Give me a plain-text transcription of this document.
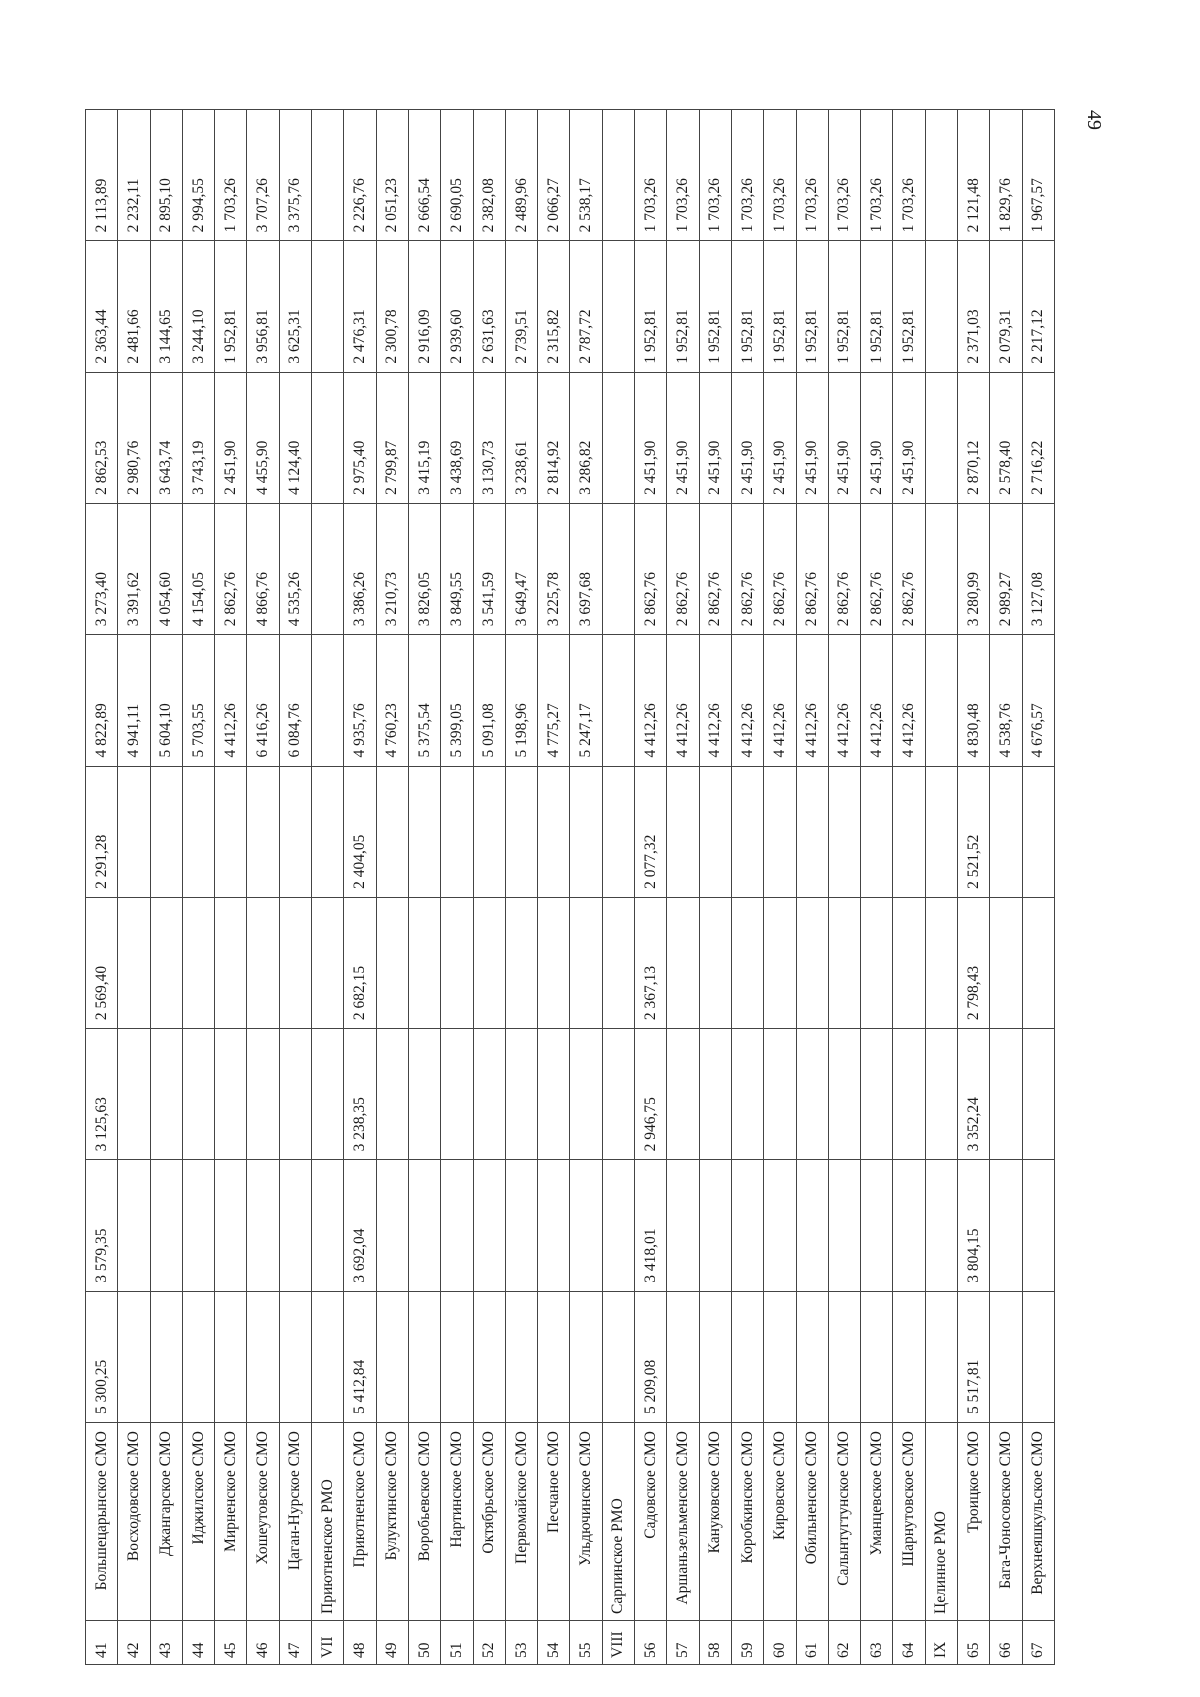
49
41	Большецарынское СМО	5 300,25	3 579,35	3 125,63	2 569,40	2 291,28	4 822,89	3 273,40	2 862,53	2 363,44	2 113,89
42	Восходовское СМО						4 941,11	3 391,62	2 980,76	2 481,66	2 232,11
43	Джангарское СМО						5 604,10	4 054,60	3 643,74	3 144,65	2 895,10
44	Иджилское СМО						5 703,55	4 154,05	3 743,19	3 244,10	2 994,55
45	Мирненское СМО						4 412,26	2 862,76	2 451,90	1 952,81	1 703,26
46	Хошеутовское СМО						6 416,26	4 866,76	4 455,90	3 956,81	3 707,26
47	Цаган-Нурское СМО						6 084,76	4 535,26	4 124,40	3 625,31	3 375,76
VII	Приютненское РМО										
48	Приютненское СМО	5 412,84	3 692,04	3 238,35	2 682,15	2 404,05	4 935,76	3 386,26	2 975,40	2 476,31	2 226,76
49	Булуктинское СМО						4 760,23	3 210,73	2 799,87	2 300,78	2 051,23
50	Воробьевское СМО						5 375,54	3 826,05	3 415,19	2 916,09	2 666,54
51	Нартинское СМО						5 399,05	3 849,55	3 438,69	2 939,60	2 690,05
52	Октябрьское СМО						5 091,08	3 541,59	3 130,73	2 631,63	2 382,08
53	Первомайское СМО						5 198,96	3 649,47	3 238,61	2 739,51	2 489,96
54	Песчаное СМО						4 775,27	3 225,78	2 814,92	2 315,82	2 066,27
55	Ульдючинское СМО						5 247,17	3 697,68	3 286,82	2 787,72	2 538,17
VIII	Сарпинское РМО										
56	Садовское СМО	5 209,08	3 418,01	2 946,75	2 367,13	2 077,32	4 412,26	2 862,76	2 451,90	1 952,81	1 703,26
57	Аршаньзельменское СМО						4 412,26	2 862,76	2 451,90	1 952,81	1 703,26
58	Кануковское СМО						4 412,26	2 862,76	2 451,90	1 952,81	1 703,26
59	Коробкинское СМО						4 412,26	2 862,76	2 451,90	1 952,81	1 703,26
60	Кировское СМО						4 412,26	2 862,76	2 451,90	1 952,81	1 703,26
61	Обильненское СМО						4 412,26	2 862,76	2 451,90	1 952,81	1 703,26
62	Салынтугтунское СМО						4 412,26	2 862,76	2 451,90	1 952,81	1 703,26
63	Уманцевское СМО						4 412,26	2 862,76	2 451,90	1 952,81	1 703,26
64	Шарнутовское СМО						4 412,26	2 862,76	2 451,90	1 952,81	1 703,26
IX	Целинное РМО										
65	Троицкое СМО	5 517,81	3 804,15	3 352,24	2 798,43	2 521,52	4 830,48	3 280,99	2 870,12	2 371,03	2 121,48
66	Бага-Чоносовское СМО						4 538,76	2 989,27	2 578,40	2 079,31	1 829,76
67	Верхнеяшкульское СМО						4 676,57	3 127,08	2 716,22	2 217,12	1 967,57
